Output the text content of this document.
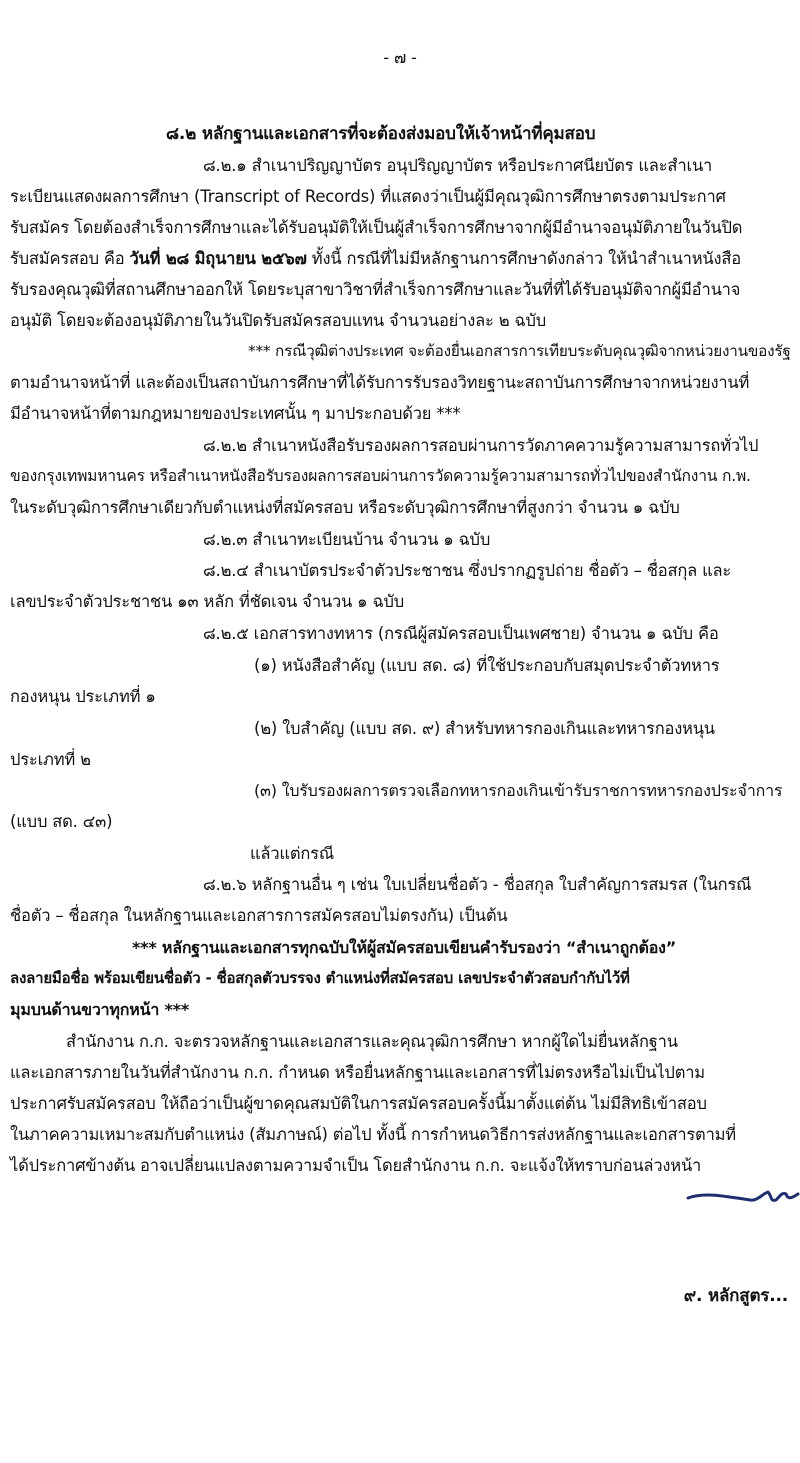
- ๗ -
๘.๒ หลักฐานและเอกสารที่จะต้องส่งมอบให้เจ้าหน้าที่คุมสอบ
๘.๒.๑ สำเนาปริญญาบัตร อนุปริญญาบัตร หรือประกาศนียบัตร และสำเนา
ระเบียนแสดงผลการศึกษา (Transcript of Records) ที่แสดงว่าเป็นผู้มีคุณวุฒิการศึกษาตรงตามประกาศ
รับสมัคร โดยต้องสำเร็จการศึกษาและได้รับอนุมัติให้เป็นผู้สำเร็จการศึกษาจากผู้มีอำนาจอนุมัติภายในวันปิด
รับสมัครสอบ คือ วันที่ ๒๘ มิถุนายน ๒๕๖๗ ทั้งนี้ กรณีที่ไม่มีหลักฐานการศึกษาดังกล่าว ให้นำสำเนาหนังสือ
รับรองคุณวุฒิที่สถานศึกษาออกให้ โดยระบุสาขาวิชาที่สำเร็จการศึกษาและวันที่ที่ได้รับอนุมัติจากผู้มีอำนาจ
อนุมัติ โดยจะต้องอนุมัติภายในวันปิดรับสมัครสอบแทน จำนวนอย่างละ ๒ ฉบับ
*** กรณีวุฒิต่างประเทศ จะต้องยื่นเอกสารการเทียบระดับคุณวุฒิจากหน่วยงานของรัฐ
ตามอำนาจหน้าที่ และต้องเป็นสถาบันการศึกษาที่ได้รับการรับรองวิทยฐานะสถาบันการศึกษาจากหน่วยงานที่
มีอำนาจหน้าที่ตามกฎหมายของประเทศนั้น ๆ มาประกอบด้วย ***
๘.๒.๒ สำเนาหนังสือรับรองผลการสอบผ่านการวัดภาคความรู้ความสามารถทั่วไป
ของกรุงเทพมหานคร หรือสำเนาหนังสือรับรองผลการสอบผ่านการวัดความรู้ความสามารถทั่วไปของสำนักงาน ก.พ.
ในระดับวุฒิการศึกษาเดียวกับตำแหน่งที่สมัครสอบ หรือระดับวุฒิการศึกษาที่สูงกว่า จำนวน ๑ ฉบับ
๘.๒.๓ สำเนาทะเบียนบ้าน จำนวน ๑ ฉบับ
๘.๒.๔ สำเนาบัตรประจำตัวประชาชน ซึ่งปรากฏรูปถ่าย ชื่อตัว – ชื่อสกุล และ
เลขประจำตัวประชาชน ๑๓ หลัก ที่ชัดเจน จำนวน ๑ ฉบับ
๘.๒.๕ เอกสารทางทหาร (กรณีผู้สมัครสอบเป็นเพศชาย) จำนวน ๑ ฉบับ คือ
(๑) หนังสือสำคัญ (แบบ สด. ๘) ที่ใช้ประกอบกับสมุดประจำตัวทหาร
กองหนุน ประเภทที่ ๑
(๒) ใบสำคัญ (แบบ สด. ๙) สำหรับทหารกองเกินและทหารกองหนุน
ประเภทที่ ๒
(๓) ใบรับรองผลการตรวจเลือกทหารกองเกินเข้ารับราชการทหารกองประจำการ
(แบบ สด. ๔๓)
แล้วแต่กรณี
๘.๒.๖ หลักฐานอื่น ๆ เช่น ใบเปลี่ยนชื่อตัว - ชื่อสกุล ใบสำคัญการสมรส (ในกรณี
ชื่อตัว – ชื่อสกุล ในหลักฐานและเอกสารการสมัครสอบไม่ตรงกัน) เป็นต้น
*** หลักฐานและเอกสารทุกฉบับให้ผู้สมัครสอบเขียนคำรับรองว่า “สำเนาถูกต้อง”
ลงลายมือชื่อ พร้อมเขียนชื่อตัว - ชื่อสกุลตัวบรรจง ตำแหน่งที่สมัครสอบ เลขประจำตัวสอบกำกับไว้ที่
มุมบนด้านขวาทุกหน้า ***
สำนักงาน ก.ก. จะตรวจหลักฐานและเอกสารและคุณวุฒิการศึกษา หากผู้ใดไม่ยื่นหลักฐาน
และเอกสารภายในวันที่สำนักงาน ก.ก. กำหนด หรือยื่นหลักฐานและเอกสารที่ไม่ตรงหรือไม่เป็นไปตาม
ประกาศรับสมัครสอบ ให้ถือว่าเป็นผู้ขาดคุณสมบัติในการสมัครสอบครั้งนี้มาตั้งแต่ต้น ไม่มีสิทธิเข้าสอบ
ในภาคความเหมาะสมกับตำแหน่ง (สัมภาษณ์) ต่อไป ทั้งนี้ การกำหนดวิธีการส่งหลักฐานและเอกสารตามที่
ได้ประกาศข้างต้น อาจเปลี่ยนแปลงตามความจำเป็น โดยสำนักงาน ก.ก. จะแจ้งให้ทราบก่อนล่วงหน้า
๙. หลักสูตร...
